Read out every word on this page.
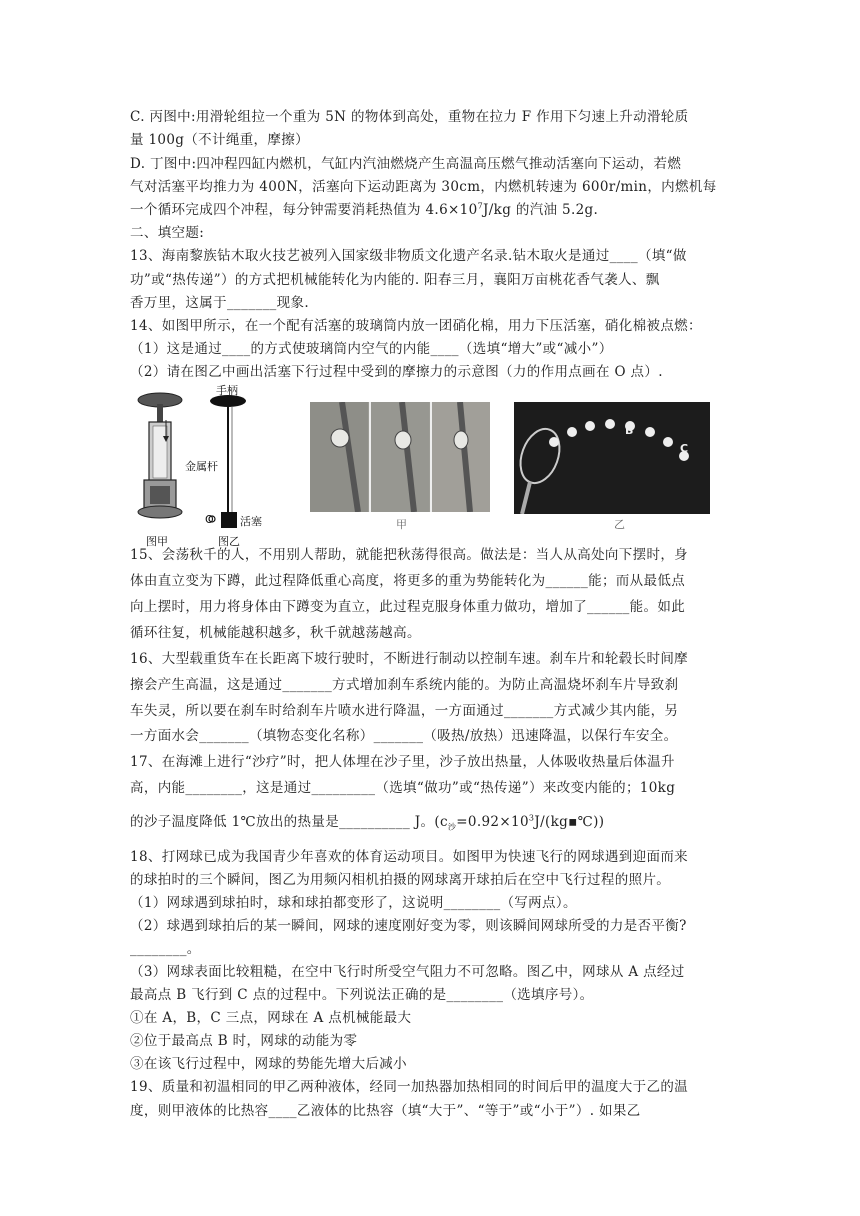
C. 丙图中:用滑轮组拉一个重为 5N 的物体到高处，重物在拉力 F 作用下匀速上升动滑轮质
量 100g（不计绳重，摩擦）
D. 丁图中:四冲程四缸内燃机，气缸内汽油燃烧产生高温高压燃气推动活塞向下运动，若燃
气对活塞平均推力为 400N，活塞向下运动距离为 30cm，内燃机转速为 600r/min，内燃机每
一个循环完成四个冲程，每分钟需要消耗热值为 $4.6\times 10^7J/kg$ 的汽油 5.2g.
二、填空题:
13、海南黎族钻木取火技艺被列入国家级非物质文化遗产名录.钻木取火是通过____（填“做
功”或“热传递”）的方式把机械能转化为内能的. 阳春三月，襄阳万亩桃花香气袭人、飘
香万里，这属于_______现象.
14、如图甲所示，在一个配有活塞的玻璃筒内放一团硝化棉，用力下压活塞，硝化棉被点燃：
（1）这是通过____的方式使玻璃筒内空气的内能____（选填“增大”或“减小”）
（2）请在图乙中画出活塞下行过程中受到的摩擦力的示意图（力的作用点画在 O 点）.
图甲
手柄
金属杆
O 活塞
图乙
甲
B
C
乙
15、会荡秋千的人，不用别人帮助，就能把秋荡得很高。做法是：当人从高处向下摆时，身
体由直立变为下蹲，此过程降低重心高度，将更多的重为势能转化为______能；而从最低点
向上摆时，用力将身体由下蹲变为直立，此过程克服身体重力做功，增加了______能。如此
循环往复，机械能越积越多，秋千就越荡越高。
16、大型载重货车在长距离下坡行驶时，不断进行制动以控制车速。刹车片和轮毂长时间摩
擦会产生高温，这是通过_______方式增加刹车系统内能的。为防止高温烧坏刹车片导致刹
车失灵，所以要在刹车时给刹车片喷水进行降温，一方面通过_______方式减少其内能，另
一方面水会_______（填物态变化名称）_______（吸热/放热）迅速降温，以保行车安全。
17、在海滩上进行“沙疗”时，把人体埋在沙子里，沙子放出热量，人体吸收热量后体温升
高，内能________，这是通过_________（选填“做功”或“热传递”）来改变内能的；10kg
的沙子温度降低 1℃放出的热量是__________ J。$(c_沙=0.92\times 10^3J/(kg▪℃))$
18、打网球已成为我国青少年喜欢的体育运动项目。如图甲为快速飞行的网球遇到迎面而来
的球拍时的三个瞬间，图乙为用频闪相机拍摄的网球离开球拍后在空中飞行过程的照片。
（1）网球遇到球拍时，球和球拍都变形了，这说明________（写两点）。
（2）球遇到球拍后的某一瞬间，网球的速度刚好变为零，则该瞬间网球所受的力是否平衡?
________。
（3）网球表面比较粗糙，在空中飞行时所受空气阻力不可忽略。图乙中，网球从 A 点经过
最高点 B 飞行到 C 点的过程中。下列说法正确的是________（选填序号）。
①在 A，B，C 三点，网球在 A 点机械能最大
②位于最高点 B 时，网球的动能为零
③在该飞行过程中，网球的势能先增大后减小
19、质量和初温相同的甲乙两种液体，经同一加热器加热相同的时间后甲的温度大于乙的温
度，则甲液体的比热容____乙液体的比热容（填“大于”、“等于”或“小于”）. 如果乙
